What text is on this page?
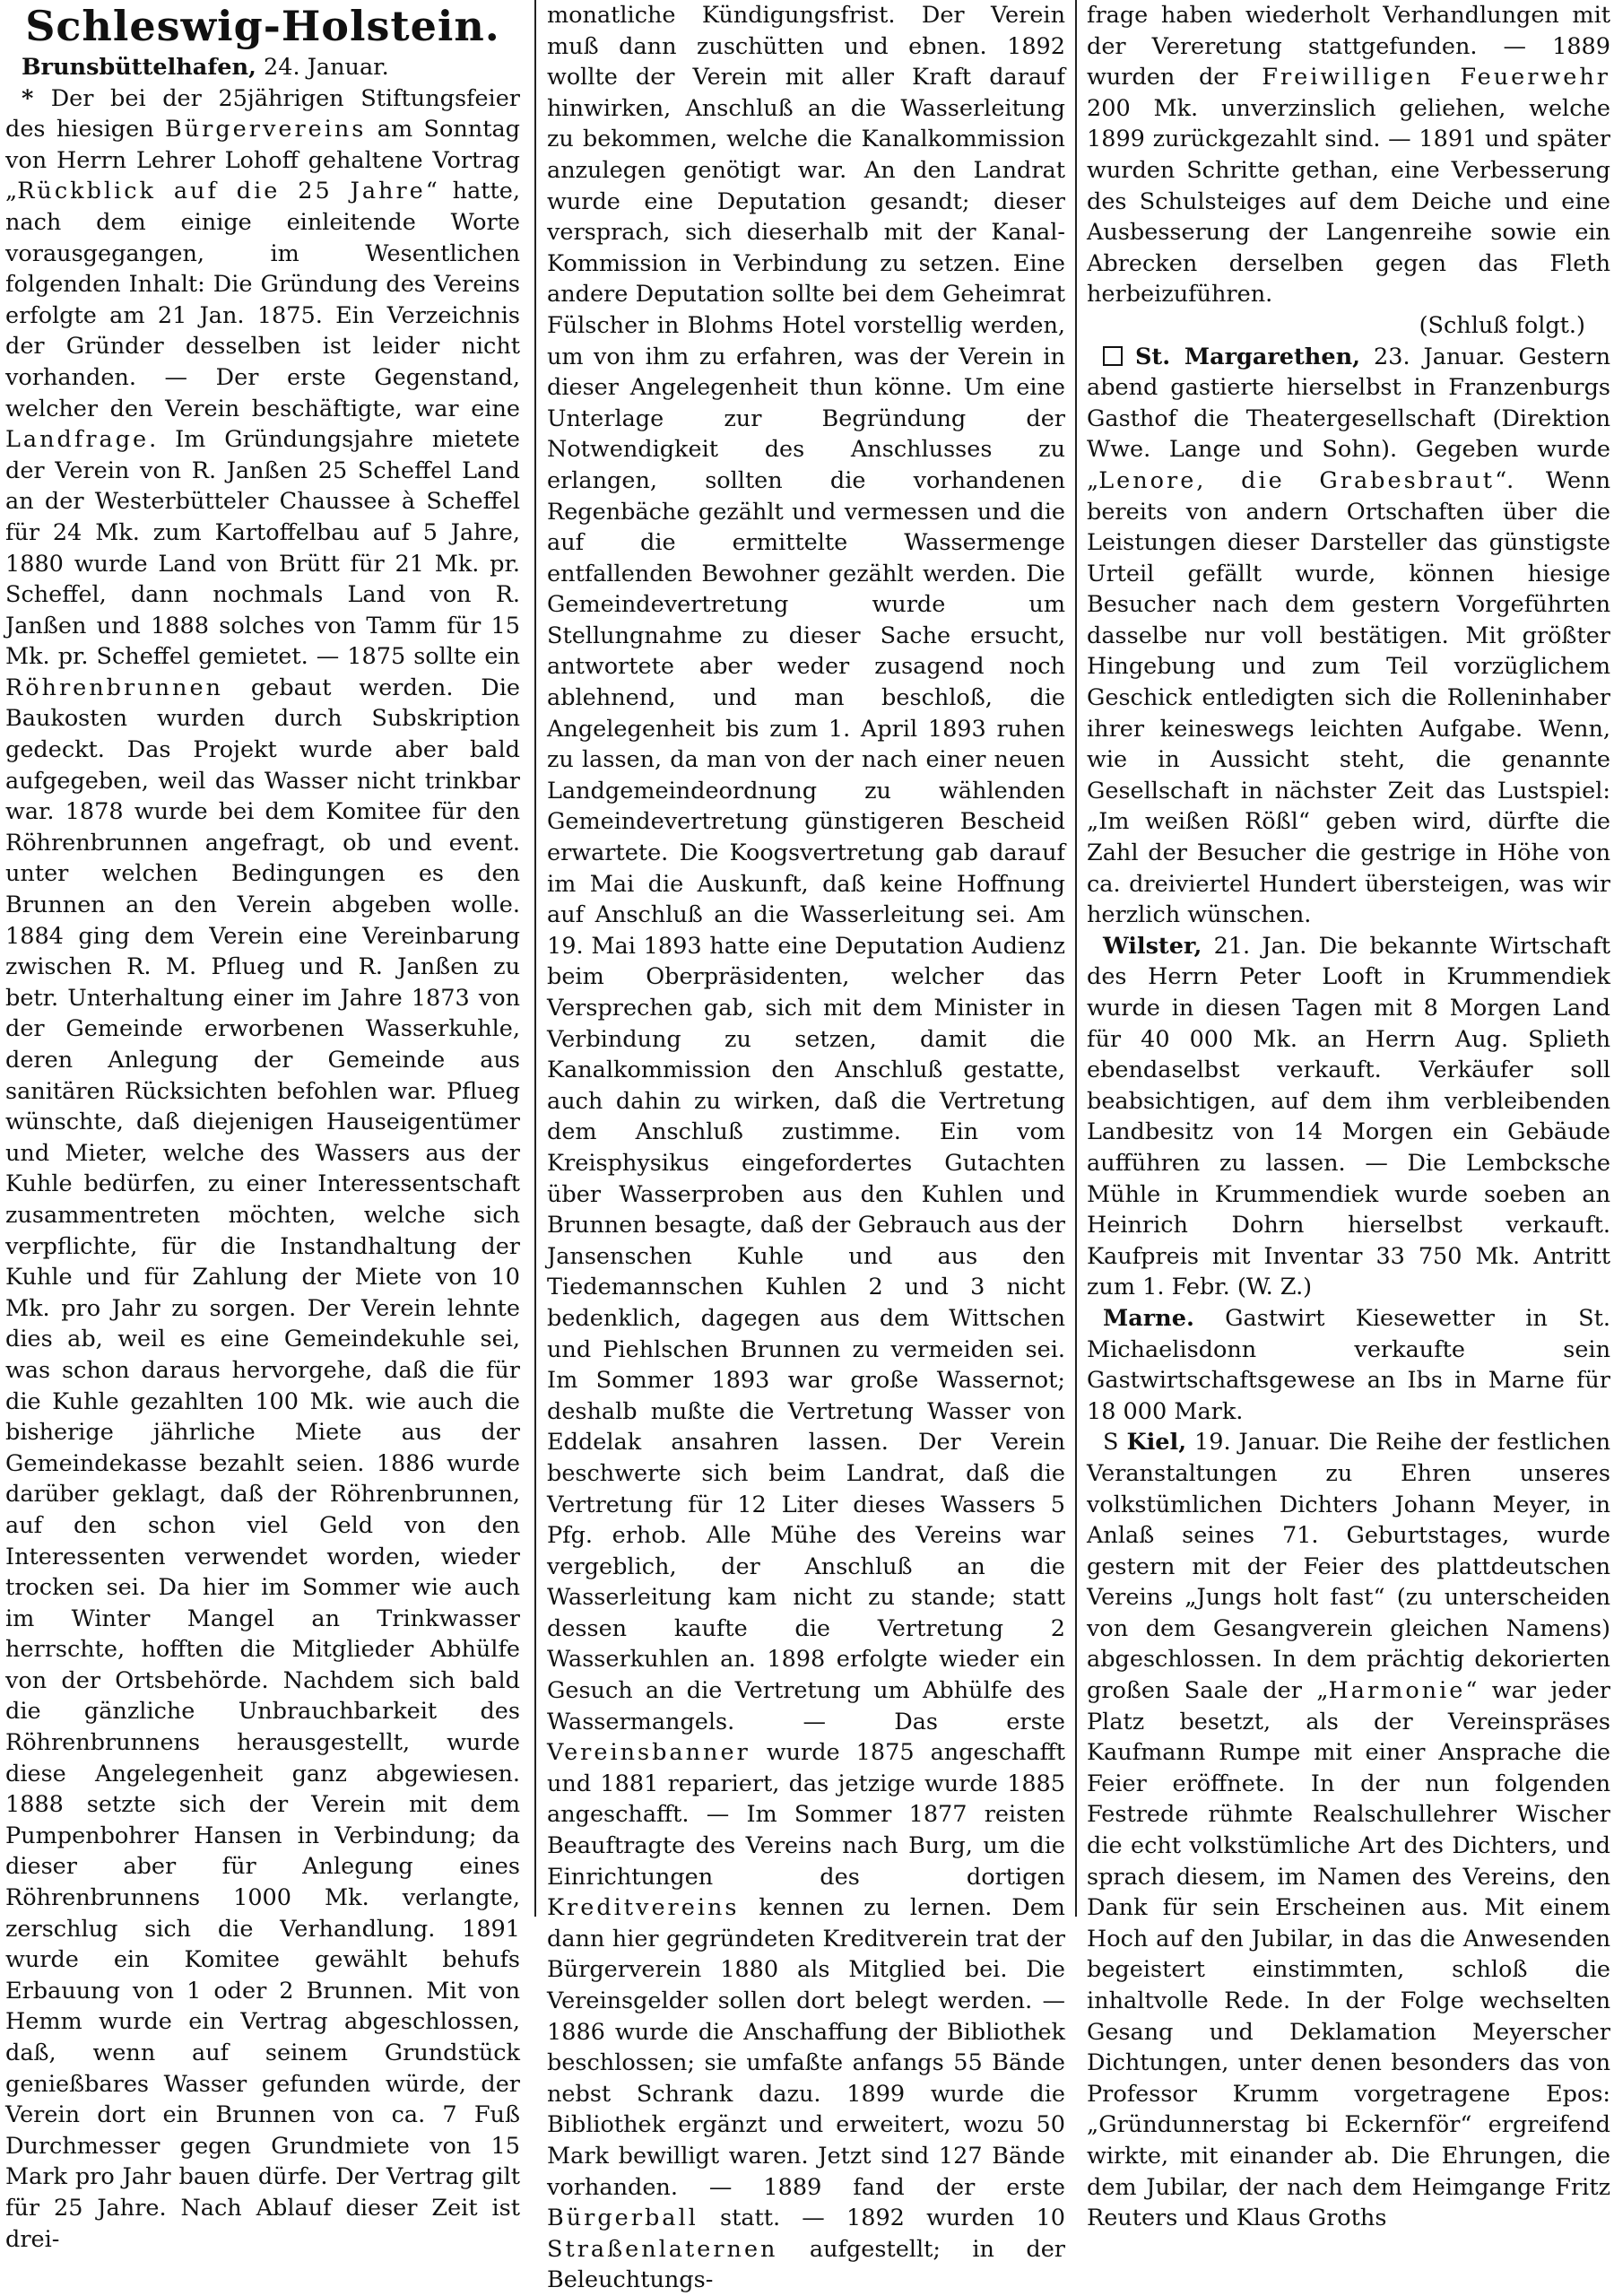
Schleswig-Holstein.

Brunsbüttelhafen, 24. Januar.

* Der bei der 25jährigen Stiftungsfeier des hiesigen Bürgervereins am Sonntag von Herrn Lehrer Lohoff gehaltene Vortrag „Rückblick auf die 25 Jahre“ hatte, nach dem einige einleitende Worte vorausgegangen, im Wesentlichen folgenden Inhalt: Die Gründung des Vereins erfolgte am 21 Jan. 1875. Ein Verzeichnis der Gründer desselben ist leider nicht vorhanden. — Der erste Gegenstand, welcher den Verein beschäftigte, war eine Landfrage. Im Gründungsjahre mietete der Verein von R. Janßen 25 Scheffel Land an der Westerbütteler Chaussee à Scheffel für 24 Mk. zum Kartoffelbau auf 5 Jahre, 1880 wurde Land von Brütt für 21 Mk. pr. Scheffel, dann nochmals Land von R. Janßen und 1888 solches von Tamm für 15 Mk. pr. Scheffel gemietet. — 1875 sollte ein Röhrenbrunnen gebaut werden. Die Baukosten wurden durch Subskription gedeckt. Das Projekt wurde aber bald aufgegeben, weil das Wasser nicht trinkbar war. 1878 wurde bei dem Komitee für den Röhrenbrunnen angefragt, ob und event. unter welchen Bedingungen es den Brunnen an den Verein abgeben wolle. 1884 ging dem Verein eine Vereinbarung zwischen R. M. Pflueg und R. Janßen zu betr. Unterhaltung einer im Jahre 1873 von der Gemeinde erworbenen Wasserkuhle, deren Anlegung der Gemeinde aus sanitären Rücksichten befohlen war. Pflueg wünschte, daß diejenigen Hauseigentümer und Mieter, welche des Wassers aus der Kuhle bedürfen, zu einer Interessentschaft zusammentreten möchten, welche sich verpflichte, für die Instandhaltung der Kuhle und für Zahlung der Miete von 10 Mk. pro Jahr zu sorgen. Der Verein lehnte dies ab, weil es eine Gemeindekuhle sei, was schon daraus hervorgehe, daß die für die Kuhle gezahlten 100 Mk. wie auch die bisherige jährliche Miete aus der Gemeindekasse bezahlt seien. 1886 wurde darüber geklagt, daß der Röhrenbrunnen, auf den schon viel Geld von den Interessenten verwendet worden, wieder trocken sei. Da hier im Sommer wie auch im Winter Mangel an Trinkwasser herrschte, hofften die Mitglieder Abhülfe von der Ortsbehörde. Nachdem sich bald die gänzliche Unbrauchbarkeit des Röhrenbrunnens herausgestellt, wurde diese Angelegenheit ganz abgewiesen. 1888 setzte sich der Verein mit dem Pumpenbohrer Hansen in Verbindung; da dieser aber für Anlegung eines Röhrenbrunnens 1000 Mk. verlangte, zerschlug sich die Verhandlung. 1891 wurde ein Komitee gewählt behufs Erbauung von 1 oder 2 Brunnen. Mit von Hemm wurde ein Vertrag abgeschlossen, daß, wenn auf seinem Grundstück genießbares Wasser gefunden würde, der Verein dort ein Brunnen von ca. 7 Fuß Durchmesser gegen Grundmiete von 15 Mark pro Jahr bauen dürfe. Der Vertrag gilt für 25 Jahre. Nach Ablauf dieser Zeit ist drei-

monatliche Kündigungsfrist. Der Verein muß dann zuschütten und ebnen. 1892 wollte der Verein mit aller Kraft darauf hinwirken, Anschluß an die Wasserleitung zu bekommen, welche die Kanalkommission anzulegen genötigt war. An den Landrat wurde eine Deputation gesandt; dieser versprach, sich dieserhalb mit der Kanal-Kommission in Verbindung zu setzen. Eine andere Deputation sollte bei dem Geheimrat Fülscher in Blohms Hotel vorstellig werden, um von ihm zu erfahren, was der Verein in dieser Angelegenheit thun könne. Um eine Unterlage zur Begründung der Notwendigkeit des Anschlusses zu erlangen, sollten die vorhandenen Regenbäche gezählt und vermessen und die auf die ermittelte Wassermenge entfallenden Bewohner gezählt werden. Die Gemeindevertretung wurde um Stellungnahme zu dieser Sache ersucht, antwortete aber weder zusagend noch ablehnend, und man beschloß, die Angelegenheit bis zum 1. April 1893 ruhen zu lassen, da man von der nach einer neuen Landgemeindeordnung zu wählenden Gemeindevertretung günstigeren Bescheid erwartete. Die Koogsvertretung gab darauf im Mai die Auskunft, daß keine Hoffnung auf Anschluß an die Wasserleitung sei. Am 19. Mai 1893 hatte eine Deputation Audienz beim Oberpräsidenten, welcher das Versprechen gab, sich mit dem Minister in Verbindung zu setzen, damit die Kanalkommission den Anschluß gestatte, auch dahin zu wirken, daß die Vertretung dem Anschluß zustimme. Ein vom Kreisphysikus eingefordertes Gutachten über Wasserproben aus den Kuhlen und Brunnen besagte, daß der Gebrauch aus der Jansenschen Kuhle und aus den Tiedemannschen Kuhlen 2 und 3 nicht bedenklich, dagegen aus dem Wittschen und Piehlschen Brunnen zu vermeiden sei. Im Sommer 1893 war große Wassernot; deshalb mußte die Vertretung Wasser von Eddelak ansahren lassen. Der Verein beschwerte sich beim Landrat, daß die Vertretung für 12 Liter dieses Wassers 5 Pfg. erhob. Alle Mühe des Vereins war vergeblich, der Anschluß an die Wasserleitung kam nicht zu stande; statt dessen kaufte die Vertretung 2 Wasserkuhlen an. 1898 erfolgte wieder ein Gesuch an die Vertretung um Abhülfe des Wassermangels. — Das erste Vereinsbanner wurde 1875 angeschafft und 1881 repariert, das jetzige wurde 1885 angeschafft. — Im Sommer 1877 reisten Beauftragte des Vereins nach Burg, um die Einrichtungen des dortigen Kreditvereins kennen zu lernen. Dem dann hier gegründeten Kreditverein trat der Bürgerverein 1880 als Mitglied bei. Die Vereinsgelder sollen dort belegt werden. — 1886 wurde die Anschaffung der Bibliothek beschlossen; sie umfaßte anfangs 55 Bände nebst Schrank dazu. 1899 wurde die Bibliothek ergänzt und erweitert, wozu 50 Mark bewilligt waren. Jetzt sind 127 Bände vorhanden. — 1889 fand der erste Bürgerball statt. — 1892 wurden 10 Straßenlaternen aufgestellt; in der Beleuchtungs-

frage haben wiederholt Verhandlungen mit der Vereretung stattgefunden. — 1889 wurden der Freiwilligen Feuerwehr 200 Mk. unverzinslich geliehen, welche 1899 zurückgezahlt sind. — 1891 und später wurden Schritte gethan, eine Verbesserung des Schulsteiges auf dem Deiche und eine Ausbesserung der Langenreihe sowie ein Abrecken derselben gegen das Fleth herbeizuführen.

(Schluß folgt.)

St. Margarethen, 23. Januar. Gestern abend gastierte hierselbst in Franzenburgs Gasthof die Theatergesellschaft (Direktion Wwe. Lange und Sohn). Gegeben wurde „Lenore, die Grabesbraut“. Wenn bereits von andern Ortschaften über die Leistungen dieser Darsteller das günstigste Urteil gefällt wurde, können hiesige Besucher nach dem gestern Vorgeführten dasselbe nur voll bestätigen. Mit größter Hingebung und zum Teil vorzüglichem Geschick entledigten sich die Rolleninhaber ihrer keineswegs leichten Aufgabe. Wenn, wie in Aussicht steht, die genannte Gesellschaft in nächster Zeit das Lustspiel: „Im weißen Rößl“ geben wird, dürfte die Zahl der Besucher die gestrige in Höhe von ca. dreiviertel Hundert übersteigen, was wir herzlich wünschen.

Wilster, 21. Jan. Die bekannte Wirtschaft des Herrn Peter Looft in Krummendiek wurde in diesen Tagen mit 8 Morgen Land für 40 000 Mk. an Herrn Aug. Splieth ebendaselbst verkauft. Verkäufer soll beabsichtigen, auf dem ihm verbleibenden Landbesitz von 14 Morgen ein Gebäude aufführen zu lassen. — Die Lembcksche Mühle in Krummendiek wurde soeben an Heinrich Dohrn hierselbst verkauft. Kaufpreis mit Inventar 33 750 Mk. Antritt zum 1. Febr. (W. Z.)

Marne. Gastwirt Kiesewetter in St. Michaelisdonn verkaufte sein Gastwirtschaftsgewese an Ibs in Marne für 18 000 Mark.

S Kiel, 19. Januar. Die Reihe der festlichen Veranstaltungen zu Ehren unseres volkstümlichen Dichters Johann Meyer, in Anlaß seines 71. Geburtstages, wurde gestern mit der Feier des plattdeutschen Vereins „Jungs holt fast“ (zu unterscheiden von dem Gesangverein gleichen Namens) abgeschlossen. In dem prächtig dekorierten großen Saale der „Harmonie“ war jeder Platz besetzt, als der Vereinspräses Kaufmann Rumpe mit einer Ansprache die Feier eröffnete. In der nun folgenden Festrede rühmte Realschullehrer Wischer die echt volkstümliche Art des Dichters, und sprach diesem, im Namen des Vereins, den Dank für sein Erscheinen aus. Mit einem Hoch auf den Jubilar, in das die Anwesenden begeistert einstimmten, schloß die inhaltvolle Rede. In der Folge wechselten Gesang und Deklamation Meyerscher Dichtungen, unter denen besonders das von Professor Krumm vorgetragene Epos: „Gründunnerstag bi Eckernför“ ergreifend wirkte, mit einander ab. Die Ehrungen, die dem Jubilar, der nach dem Heimgange Fritz Reuters und Klaus Groths
